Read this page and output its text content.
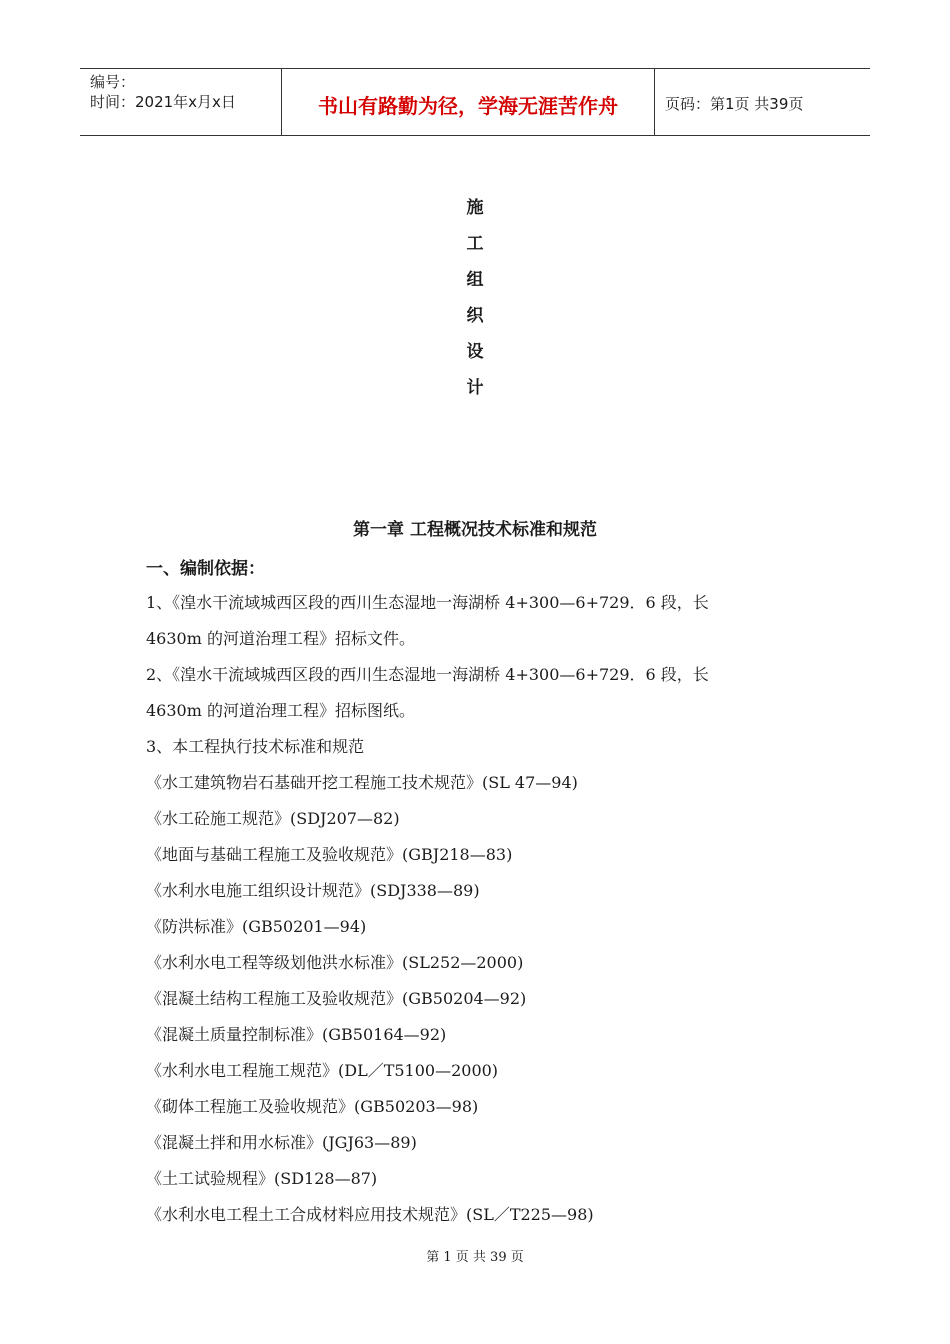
编号：
时间：2021年x月x日	书山有路勤为径，学海无涯苦作舟	页码：第1页 共39页
施
工
组
织
设
计
第一章 工程概况技术标准和规范
一、编制依据：
1、《湟水干流域城西区段的西川生态湿地一海湖桥 4+300—6+729．6 段，长
4630m 的河道治理工程》招标文件。
2、《湟水干流域城西区段的西川生态湿地一海湖桥 4+300—6+729．6 段，长
4630m 的河道治理工程》招标图纸。
3、本工程执行技术标准和规范
《水工建筑物岩石基础开挖工程施工技术规范》(SL 47—94)
《水工砼施工规范》(SDJ207—82)
《地面与基础工程施工及验收规范》(GBJ218—83)
《水利水电施工组织设计规范》(SDJ338—89)
《防洪标准》(GB50201—94)
《水利水电工程等级划他洪水标准》(SL252—2000)
《混凝土结构工程施工及验收规范》(GB50204—92)
《混凝土质量控制标准》(GB50164—92)
《水利水电工程施工规范》(DL／T5100—2000)
《砌体工程施工及验收规范》(GB50203—98)
《混凝土拌和用水标准》(JGJ63—89)
《土工试验规程》(SD128—87)
《水利水电工程土工合成材料应用技术规范》(SL／T225—98)
第 1 页 共 39 页
